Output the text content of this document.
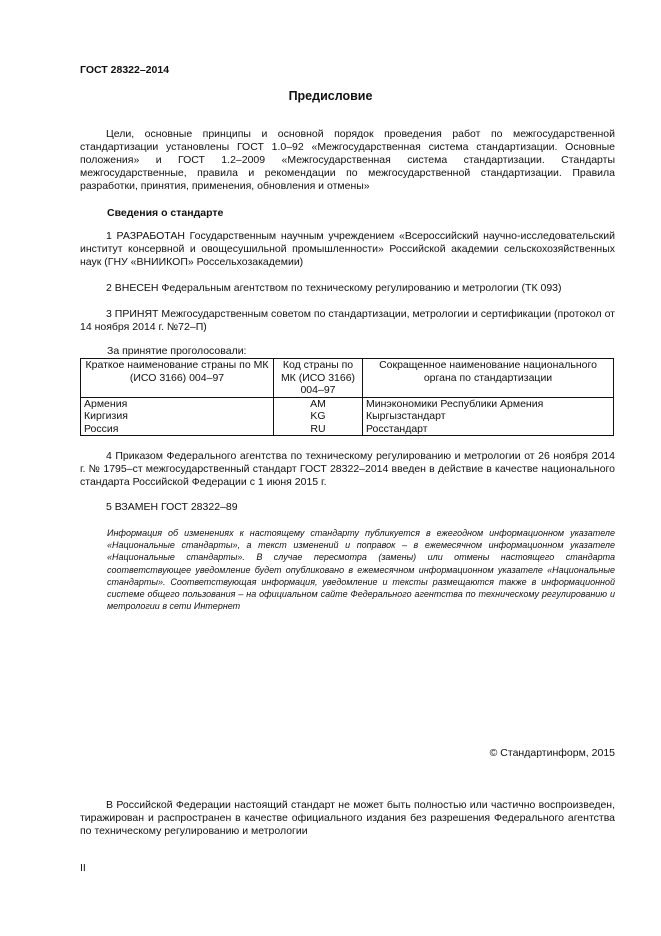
ГОСТ 28322–2014
Предисловие
Цели, основные принципы и основной порядок проведения работ по межгосударственной стандартизации установлены ГОСТ 1.0–92 «Межгосударственная система стандартизации. Основные положения» и ГОСТ 1.2–2009 «Межгосударственная система стандартизации. Стандарты межгосударственные, правила и рекомендации по межгосударственной стандартизации. Правила разработки, принятия, применения, обновления и отмены»
Сведения о стандарте
1 РАЗРАБОТАН Государственным научным учреждением «Всероссийский научно-исследовательский институт консервной и овощесушильной промышленности» Российской академии сельскохозяйственных наук (ГНУ «ВНИИКОП» Россельхозакадемии)
2 ВНЕСЕН Федеральным агентством по техническому регулированию и метрологии (ТК 093)
3 ПРИНЯТ Межгосударственным советом по стандартизации, метрологии и сертификации (протокол от 14 ноября 2014 г. №72–П)
За принятие проголосовали:
Краткое наименование страны по МК (ИСО 3166) 004–97	Код страны по МК (ИСО 3166) 004–97	Сокращенное наименование национального органа по стандартизации
Армения	AM	Минэкономики Республики Армения
Киргизия	KG	Кыргызстандарт
Россия	RU	Росстандарт
4 Приказом Федерального агентства по техническому регулированию и метрологии от 26 ноября 2014 г. № 1795–ст межгосударственный стандарт ГОСТ 28322–2014 введен в действие в качестве национального стандарта Российской Федерации с 1 июня 2015 г.
5 ВЗАМЕН ГОСТ 28322–89
Информация об изменениях к настоящему стандарту публикуется в ежегодном информационном указателе «Национальные стандарты», а текст изменений и поправок – в ежемесячном информационном указателе «Национальные стандарты». В случае пересмотра (замены) или отмены настоящего стандарта соответствующее уведомление будет опубликовано в ежемесячном информационном указателе «Национальные стандарты». Соответствующая информация, уведомление и тексты размещаются также в информационной системе общего пользования – на официальном сайте Федерального агентства по техническому регулированию и метрологии в сети Интернет
© Стандартинформ, 2015
В Российской Федерации настоящий стандарт не может быть полностью или частично воспроизведен, тиражирован и распространен в качестве официального издания без разрешения Федерального агентства по техническому регулированию и метрологии
II
